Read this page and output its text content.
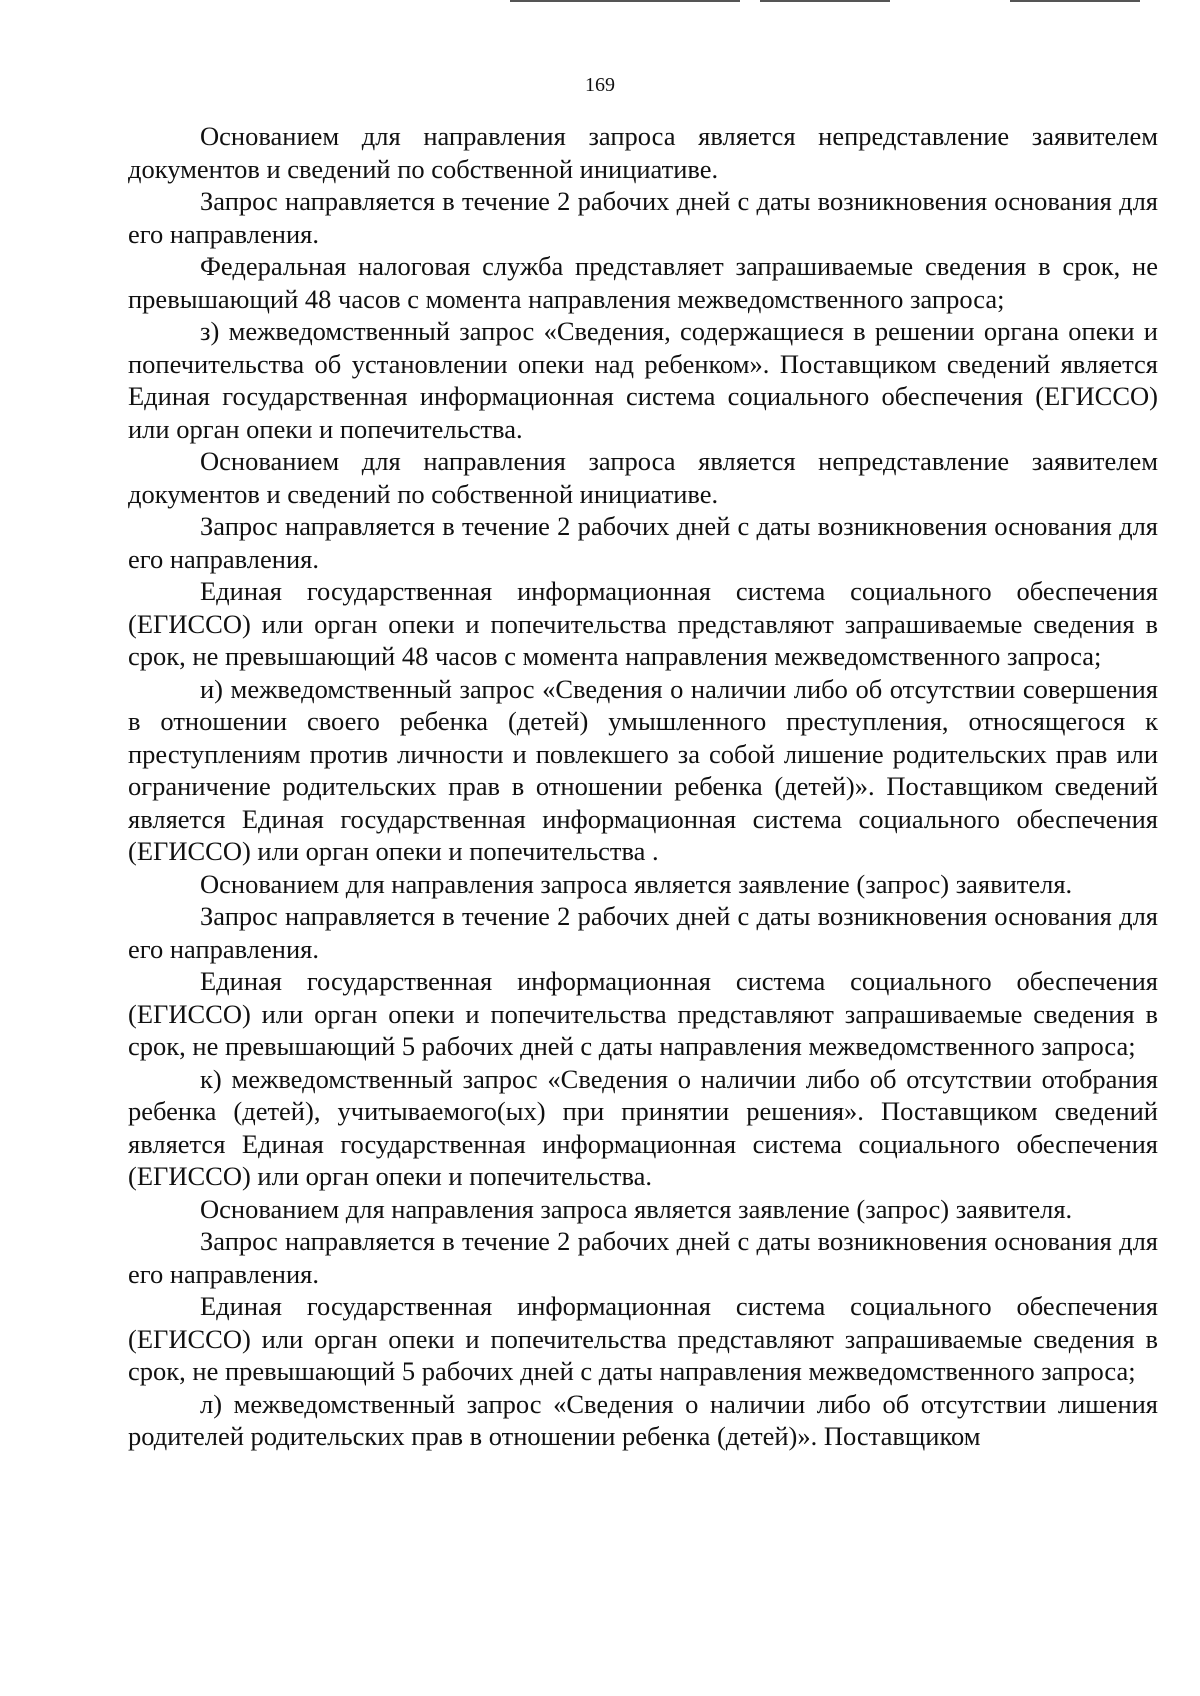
169

Основанием для направления запроса является непредставление заявителем документов и сведений по собственной инициативе.

Запрос направляется в течение 2 рабочих дней с даты возникновения основания для его направления.

Федеральная налоговая служба представляет запрашиваемые сведения в срок, не превышающий 48 часов с момента направления межведомственного запроса;

з) межведомственный запрос «Сведения, содержащиеся в решении органа опеки и попечительства об установлении опеки над ребенком». Поставщиком сведений является Единая государственная информационная система социального обеспечения (ЕГИССО) или орган опеки и попечительства.

Основанием для направления запроса является непредставление заявителем документов и сведений по собственной инициативе.

Запрос направляется в течение 2 рабочих дней с даты возникновения основания для его направления.

Единая государственная информационная система социального обеспечения (ЕГИССО) или орган опеки и попечительства представляют запрашиваемые сведения в срок, не превышающий 48 часов с момента направления межведомственного запроса;

и) межведомственный запрос «Сведения о наличии либо об отсутствии совершения в отношении своего ребенка (детей) умышленного преступления, относящегося к преступлениям против личности и повлекшего за собой лишение родительских прав или ограничение родительских прав в отношении ребенка (детей)». Поставщиком сведений является Единая государственная информационная система социального обеспечения (ЕГИССО) или орган опеки и попечительства .

Основанием для направления запроса является заявление (запрос) заявителя.

Запрос направляется в течение 2 рабочих дней с даты возникновения основания для его направления.

Единая государственная информационная система социального обеспечения (ЕГИССО) или орган опеки и попечительства представляют запрашиваемые сведения в срок, не превышающий 5 рабочих дней с даты направления межведомственного запроса;

к) межведомственный запрос «Сведения о наличии либо об отсутствии отобрания ребенка (детей), учитываемого(ых) при принятии решения». Поставщиком сведений является Единая государственная информационная система социального обеспечения (ЕГИССО) или орган опеки и попечительства.

Основанием для направления запроса является заявление (запрос) заявителя.

Запрос направляется в течение 2 рабочих дней с даты возникновения основания для его направления.

Единая государственная информационная система социального обеспечения (ЕГИССО) или орган опеки и попечительства представляют запрашиваемые сведения в срок, не превышающий 5 рабочих дней с даты направления межведомственного запроса;

л) межведомственный запрос «Сведения о наличии либо об отсутствии лишения родителей родительских прав в отношении ребенка (детей)». Поставщиком
